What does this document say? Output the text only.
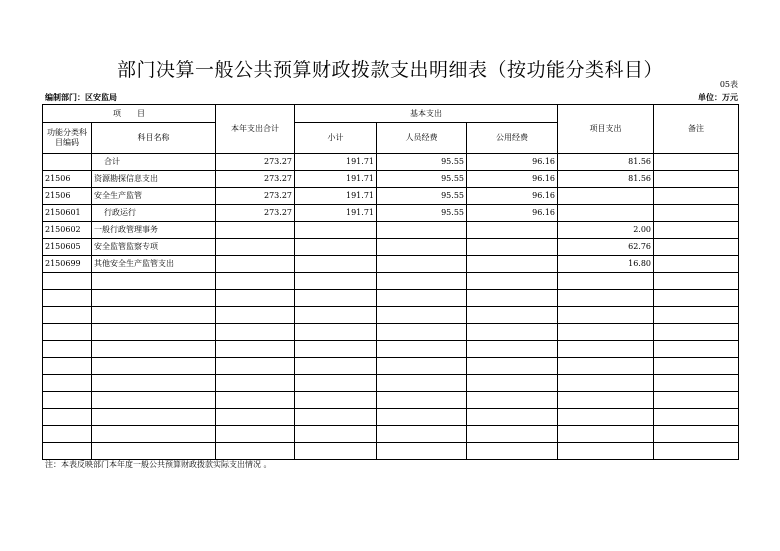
部门决算一般公共预算财政拨款支出明细表（按功能分类科目）
05表
编制部门：区安监局	单位：万元
项　　目		本年支出合计	基本支出			项目支出	备注
功能分类科目编码	科目名称		小计	人员经费	公用经费		
	合计	273.27	191.71	95.55	96.16	81.56	
21506	资源勘探信息支出	273.27	191.71	95.55	96.16	81.56	
21506	安全生产监管	273.27	191.71	95.55	96.16		
2150601	行政运行	273.27	191.71	95.55	96.16		
2150602	一般行政管理事务					2.00	
2150605	安全监管监察专项					62.76	
2150699	其他安全生产监管支出					16.80	

注：本表反映部门本年度一般公共预算财政拨款实际支出情况 。
